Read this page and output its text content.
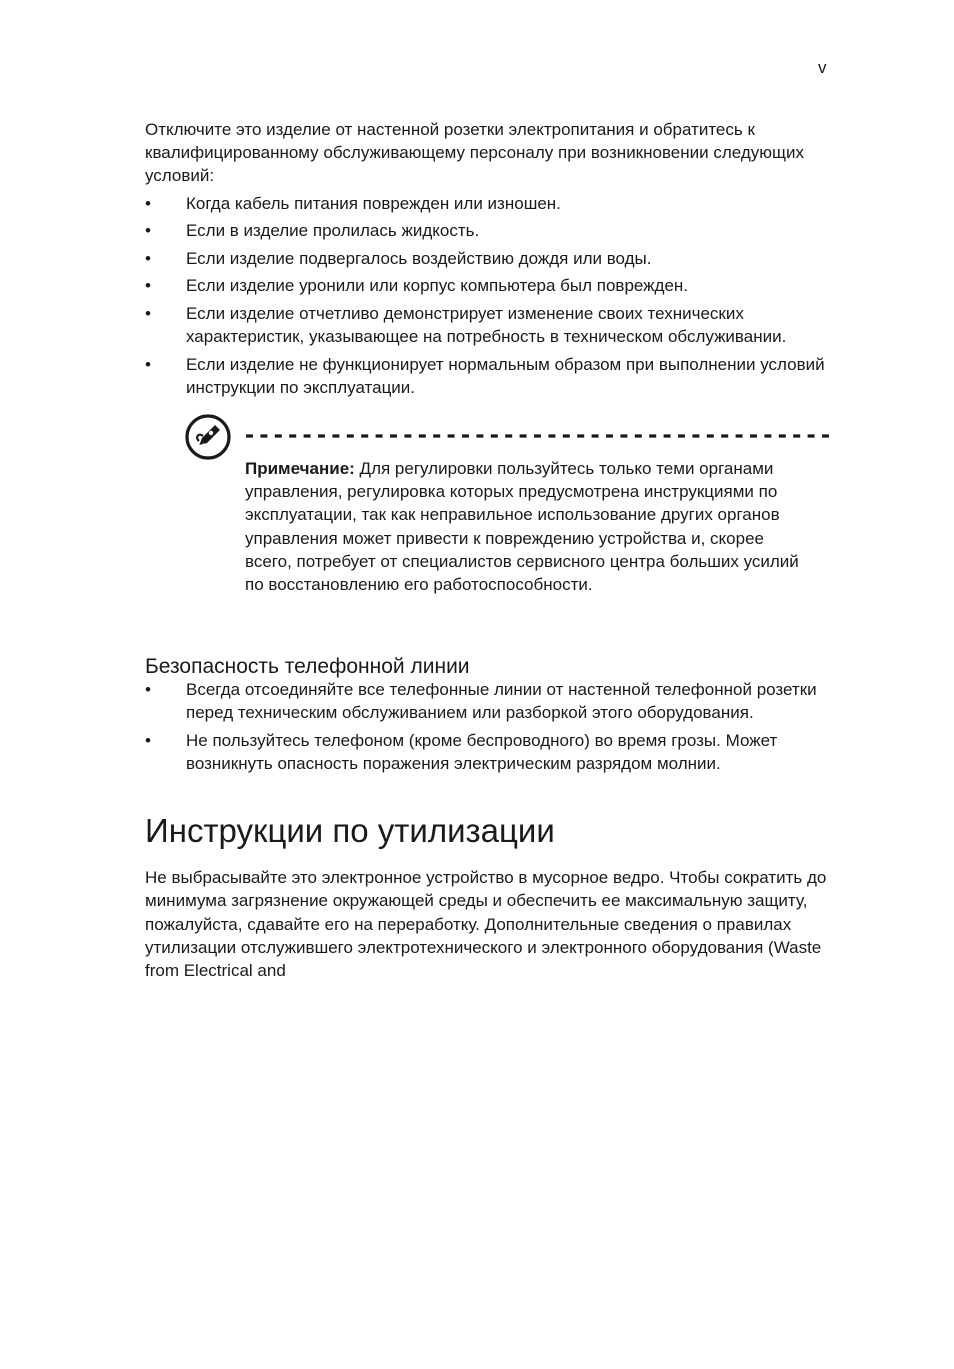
v

Отключите это изделие от настенной розетки электропитания и обратитесь к квалифицированному обслуживающему персоналу при возникновении следующих условий:

•	Когда кабель питания поврежден или изношен.
•	Если в изделие пролилась жидкость.
•	Если изделие подвергалось воздействию дождя или воды.
•	Если изделие уронили или корпус компьютера был поврежден.
•	Если изделие отчетливо демонстрирует изменение своих технических характеристик, указывающее на потребность в техническом обслуживании.
•	Если изделие не функционирует нормальным образом при выполнении условий инструкции по эксплуатации.

Примечание: Для регулировки пользуйтесь только теми органами управления, регулировка которых предусмотрена инструкциями по эксплуатации, так как неправильное использование других органов управления может привести к повреждению устройства и, скорее всего, потребует от специалистов сервисного центра больших усилий по восстановлению его работоспособности.

Безопасность телефонной линии
•	Всегда отсоединяйте все телефонные линии от настенной телефонной розетки перед техническим обслуживанием или разборкой этого оборудования.
•	Не пользуйтесь телефоном (кроме беспроводного) во время грозы. Может возникнуть опасность поражения электрическим разрядом молнии.
Инструкции по утилизации

Не выбрасывайте это электронное устройство в мусорное ведро. Чтобы сократить до минимума загрязнение окружающей среды и обеспечить ее максимальную защиту, пожалуйста, сдавайте его на переработку. Дополнительные сведения о правилах утилизации отслужившего электротехнического и электронного оборудования (Waste from Electrical and
